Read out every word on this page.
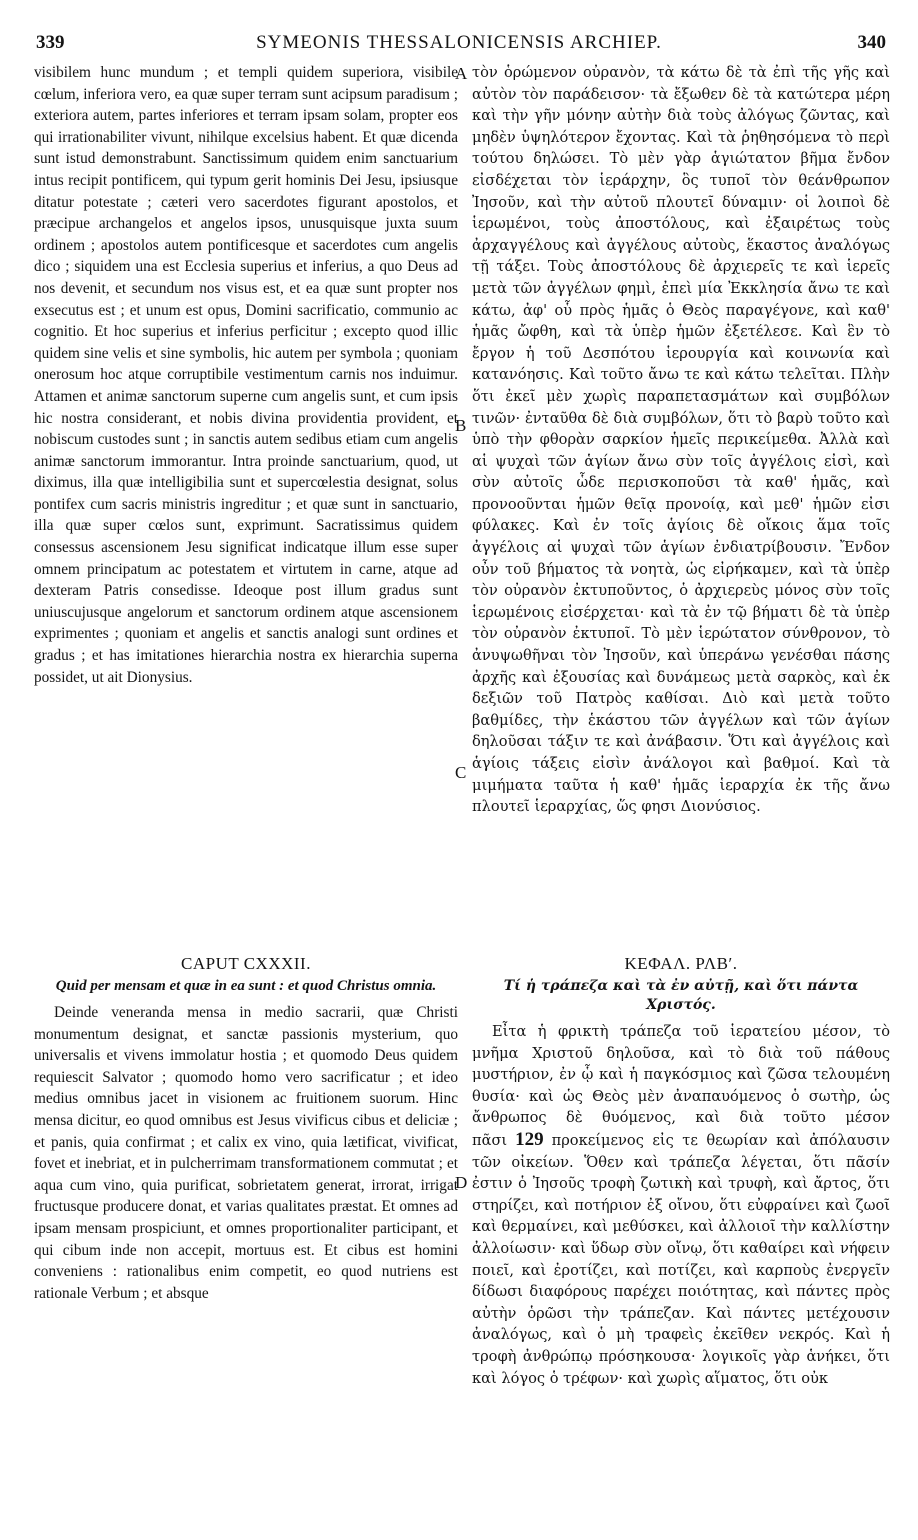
339	SYMEONIS THESSALONICENSIS ARCHIEP.	340
A
B
C
D

visibilem hunc mundum ; et templi quidem superiora, visibile cœlum, inferiora vero, ea quæ super terram sunt acipsum paradisum ; exteriora autem, partes inferiores et terram ipsam solam, propter eos qui irrationabiliter vivunt, nihilque excelsius habent. Et quæ dicenda sunt istud demonstrabunt. Sanctissimum quidem enim sanctuarium intus recipit pontificem, qui typum gerit hominis Dei Jesu, ipsiusque ditatur potestate ; cæteri vero sacerdotes figurant apostolos, et præcipue archangelos et angelos ipsos, unusquisque juxta suum ordinem ; apostolos autem pontificesque et sacerdotes cum angelis dico ; siquidem una est Ecclesia superius et inferius, a quo Deus ad nos devenit, et secundum nos visus est, et ea quæ sunt propter nos exsecutus est ; et unum est opus, Domini sacrificatio, communio ac cognitio. Et hoc superius et inferius perficitur ; excepto quod illic quidem sine velis et sine symbolis, hic autem per symbola ; quoniam onerosum hoc atque corruptibile vestimentum carnis nos induimur. Attamen et animæ sanctorum superne cum angelis sunt, et cum ipsis hic nostra considerant, et nobis divina providentia provident, et nobiscum custodes sunt ; in sanctis autem sedibus etiam cum angelis animæ sanctorum immorantur. Intra proinde sanctuarium, quod, ut diximus, illa quæ intelligibilia sunt et supercœlestia designat, solus pontifex cum sacris ministris ingreditur ; et quæ sunt in sanctuario, illa quæ super cœlos sunt, exprimunt. Sacratissimus quidem consessus ascensionem Jesu significat indicatque illum esse super omnem principatum ac potestatem et virtutem in carne, atque ad dexteram Patris consedisse. Ideoque post illum gradus sunt uniuscujusque angelorum et sanctorum ordinem atque ascensionem exprimentes ; quoniam et angelis et sanctis analogi sunt ordines et gradus ; et has imitationes hierarchia nostra ex hierarchia superna possidet, ut ait Dionysius.

CAPUT CXXXII.
Quid per mensam et quæ in ea sunt : et quod Christus omnia.

Deinde veneranda mensa in medio sacrarii, quæ Christi monumentum designat, et sanctæ passionis mysterium, quo universalis et vivens immolatur hostia ; et quomodo Deus quidem requiescit Salvator ; quomodo homo vero sacrificatur ; et ideo medius omnibus jacet in visionem ac fruitionem suorum. Hinc mensa dicitur, eo quod omnibus est Jesus vivificus cibus et deliciæ ; et panis, quia confirmat ; et calix ex vino, quia lætificat, vivificat, fovet et inebriat, et in pulcherrimam transformationem commutat ; et aqua cum vino, quia purificat, sobrietatem generat, irrorat, irrigat fructusque producere donat, et varias qualitates præstat. Et omnes ad ipsam mensam prospiciunt, et omnes proportionaliter participant, et qui cibum inde non accepit, mortuus est. Et cibus est homini conveniens : rationalibus enim competit, eo quod nutriens est rationale Verbum ; et absque

τὸν ὁρώμενον οὐρανὸν, τὰ κάτω δὲ τὰ ἐπὶ τῆς γῆς καὶ αὐτὸν τὸν παράδεισον· τὰ ἔξωθεν δὲ τὰ κατώτερα μέρη καὶ τὴν γῆν μόνην αὐτὴν διὰ τοὺς ἀλόγως ζῶντας, καὶ μηδὲν ὑψηλότερον ἔχοντας. Καὶ τὰ ῥηθησόμενα τὸ περὶ τούτου δηλώσει. Τὸ μὲν γὰρ ἁγιώτατον βῆμα ἔνδον εἰσδέχεται τὸν ἱεράρχην, ὃς τυποῖ τὸν θεάνθρωπον Ἰησοῦν, καὶ τὴν αὐτοῦ πλουτεῖ δύναμιν· οἱ λοιποὶ δὲ ἱερωμένοι, τοὺς ἀποστόλους, καὶ ἐξαιρέτως τοὺς ἀρχαγγέλους καὶ ἀγγέλους αὐτοὺς, ἕκαστος ἀναλόγως τῇ τάξει. Τοὺς ἀποστόλους δὲ ἀρχιερεῖς τε καὶ ἱερεῖς μετὰ τῶν ἀγγέλων φημὶ, ἐπεὶ μία Ἐκκλησία ἄνω τε καὶ κάτω, ἀφ' οὗ πρὸς ἡμᾶς ὁ Θεὸς παραγέγονε, καὶ καθ' ἡμᾶς ὤφθη, καὶ τὰ ὑπὲρ ἡμῶν ἐξετέλεσε. Καὶ ἓν τὸ ἔργον ἡ τοῦ Δεσπότου ἱερουργία καὶ κοινωνία καὶ κατανόησις. Καὶ τοῦτο ἄνω τε καὶ κάτω τελεῖται. Πλὴν ὅτι ἐκεῖ μὲν χωρὶς παραπετασμάτων καὶ συμβόλων τινῶν· ἐνταῦθα δὲ διὰ συμβόλων, ὅτι τὸ βαρὺ τοῦτο καὶ ὑπὸ τὴν φθορὰν σαρκίον ἡμεῖς περικείμεθα. Ἀλλὰ καὶ αἱ ψυχαὶ τῶν ἁγίων ἄνω σὺν τοῖς ἀγγέλοις εἰσὶ, καὶ σὺν αὐτοῖς ὧδε περισκοποῦσι τὰ καθ' ἡμᾶς, καὶ προνοοῦνται ἡμῶν θεῖᾳ προνοίᾳ, καὶ μεθ' ἡμῶν εἰσι φύλακες. Καὶ ἐν τοῖς ἁγίοις δὲ οἴκοις ἅμα τοῖς ἀγγέλοις αἱ ψυχαὶ τῶν ἁγίων ἐνδιατρίβουσιν. Ἔνδον οὖν τοῦ βήματος τὰ νοητὰ, ὡς εἰρήκαμεν, καὶ τὰ ὑπὲρ τὸν οὐρανὸν ἐκτυποῦντος, ὁ ἀρχιερεὺς μόνος σὺν τοῖς ἱερωμένοις εἰσέρχεται· καὶ τὰ ἐν τῷ βήματι δὲ τὰ ὑπὲρ τὸν οὐρανὸν ἐκτυποῖ. Τὸ μὲν ἱερώτατον σύνθρονον, τὸ ἀνυψωθῆναι τὸν Ἰησοῦν, καὶ ὑπεράνω γενέσθαι πάσης ἀρχῆς καὶ ἐξουσίας καὶ δυνάμεως μετὰ σαρκὸς, καὶ ἐκ δεξιῶν τοῦ Πατρὸς καθίσαι. Διὸ καὶ μετὰ τοῦτο βαθμίδες, τὴν ἑκάστου τῶν ἀγγέλων καὶ τῶν ἁγίων δηλοῦσαι τάξιν τε καὶ ἀνάβασιν. Ὅτι καὶ ἀγγέλοις καὶ ἁγίοις τάξεις εἰσὶν ἀνάλογοι καὶ βαθμοί. Καὶ τὰ μιμήματα ταῦτα ἡ καθ' ἡμᾶς ἱεραρχία ἐκ τῆς ἄνω πλουτεῖ ἱεραρχίας, ὥς φησι Διονύσιος.

ΚΕΦΑΛ. ΡΛΒʹ.
Τί ἡ τράπεζα καὶ τὰ ἐν αὐτῇ, καὶ ὅτι πάντα Χριστός.

Εἶτα ἡ φρικτὴ τράπεζα τοῦ ἱερατείου μέσον, τὸ μνῆμα Χριστοῦ δηλοῦσα, καὶ τὸ διὰ τοῦ πάθους μυστήριον, ἐν ᾧ καὶ ἡ παγκόσμιος καὶ ζῶσα τελουμένη θυσία· καὶ ὡς Θεὸς μὲν ἀναπαυόμενος ὁ σωτὴρ, ὡς ἄνθρωπος δὲ θυόμενος, καὶ διὰ τοῦτο μέσον πᾶσι 129 προκείμενος εἰς τε θεωρίαν καὶ ἀπόλαυσιν τῶν οἰκείων. Ὅθεν καὶ τράπεζα λέγεται, ὅτι πᾶσίν ἐστιν ὁ Ἰησοῦς τροφὴ ζωτικὴ καὶ τρυφὴ, καὶ ἄρτος, ὅτι στηρίζει, καὶ ποτήριον ἐξ οἴνου, ὅτι εὐφραίνει καὶ ζωοῖ καὶ θερμαίνει, καὶ μεθύσκει, καὶ ἀλλοιοῖ τὴν καλλίστην ἀλλοίωσιν· καὶ ὕδωρ σὺν οἴνῳ, ὅτι καθαίρει καὶ νήφειν ποιεῖ, καὶ ἐροτίζει, καὶ ποτίζει, καὶ καρποὺς ἐνεργεῖν δίδωσι διαφόρους παρέχει ποιότητας, καὶ πάντες πρὸς αὐτὴν ὁρῶσι τὴν τράπεζαν. Καὶ πάντες μετέχουσιν ἀναλόγως, καὶ ὁ μὴ τραφεὶς ἐκεῖθεν νεκρός. Καὶ ἡ τροφὴ ἀνθρώπῳ πρόσηκουσα· λογικοῖς γὰρ ἁνήκει, ὅτι καὶ λόγος ὁ τρέφων· καὶ χωρὶς αἵματος, ὅτι οὐκ
